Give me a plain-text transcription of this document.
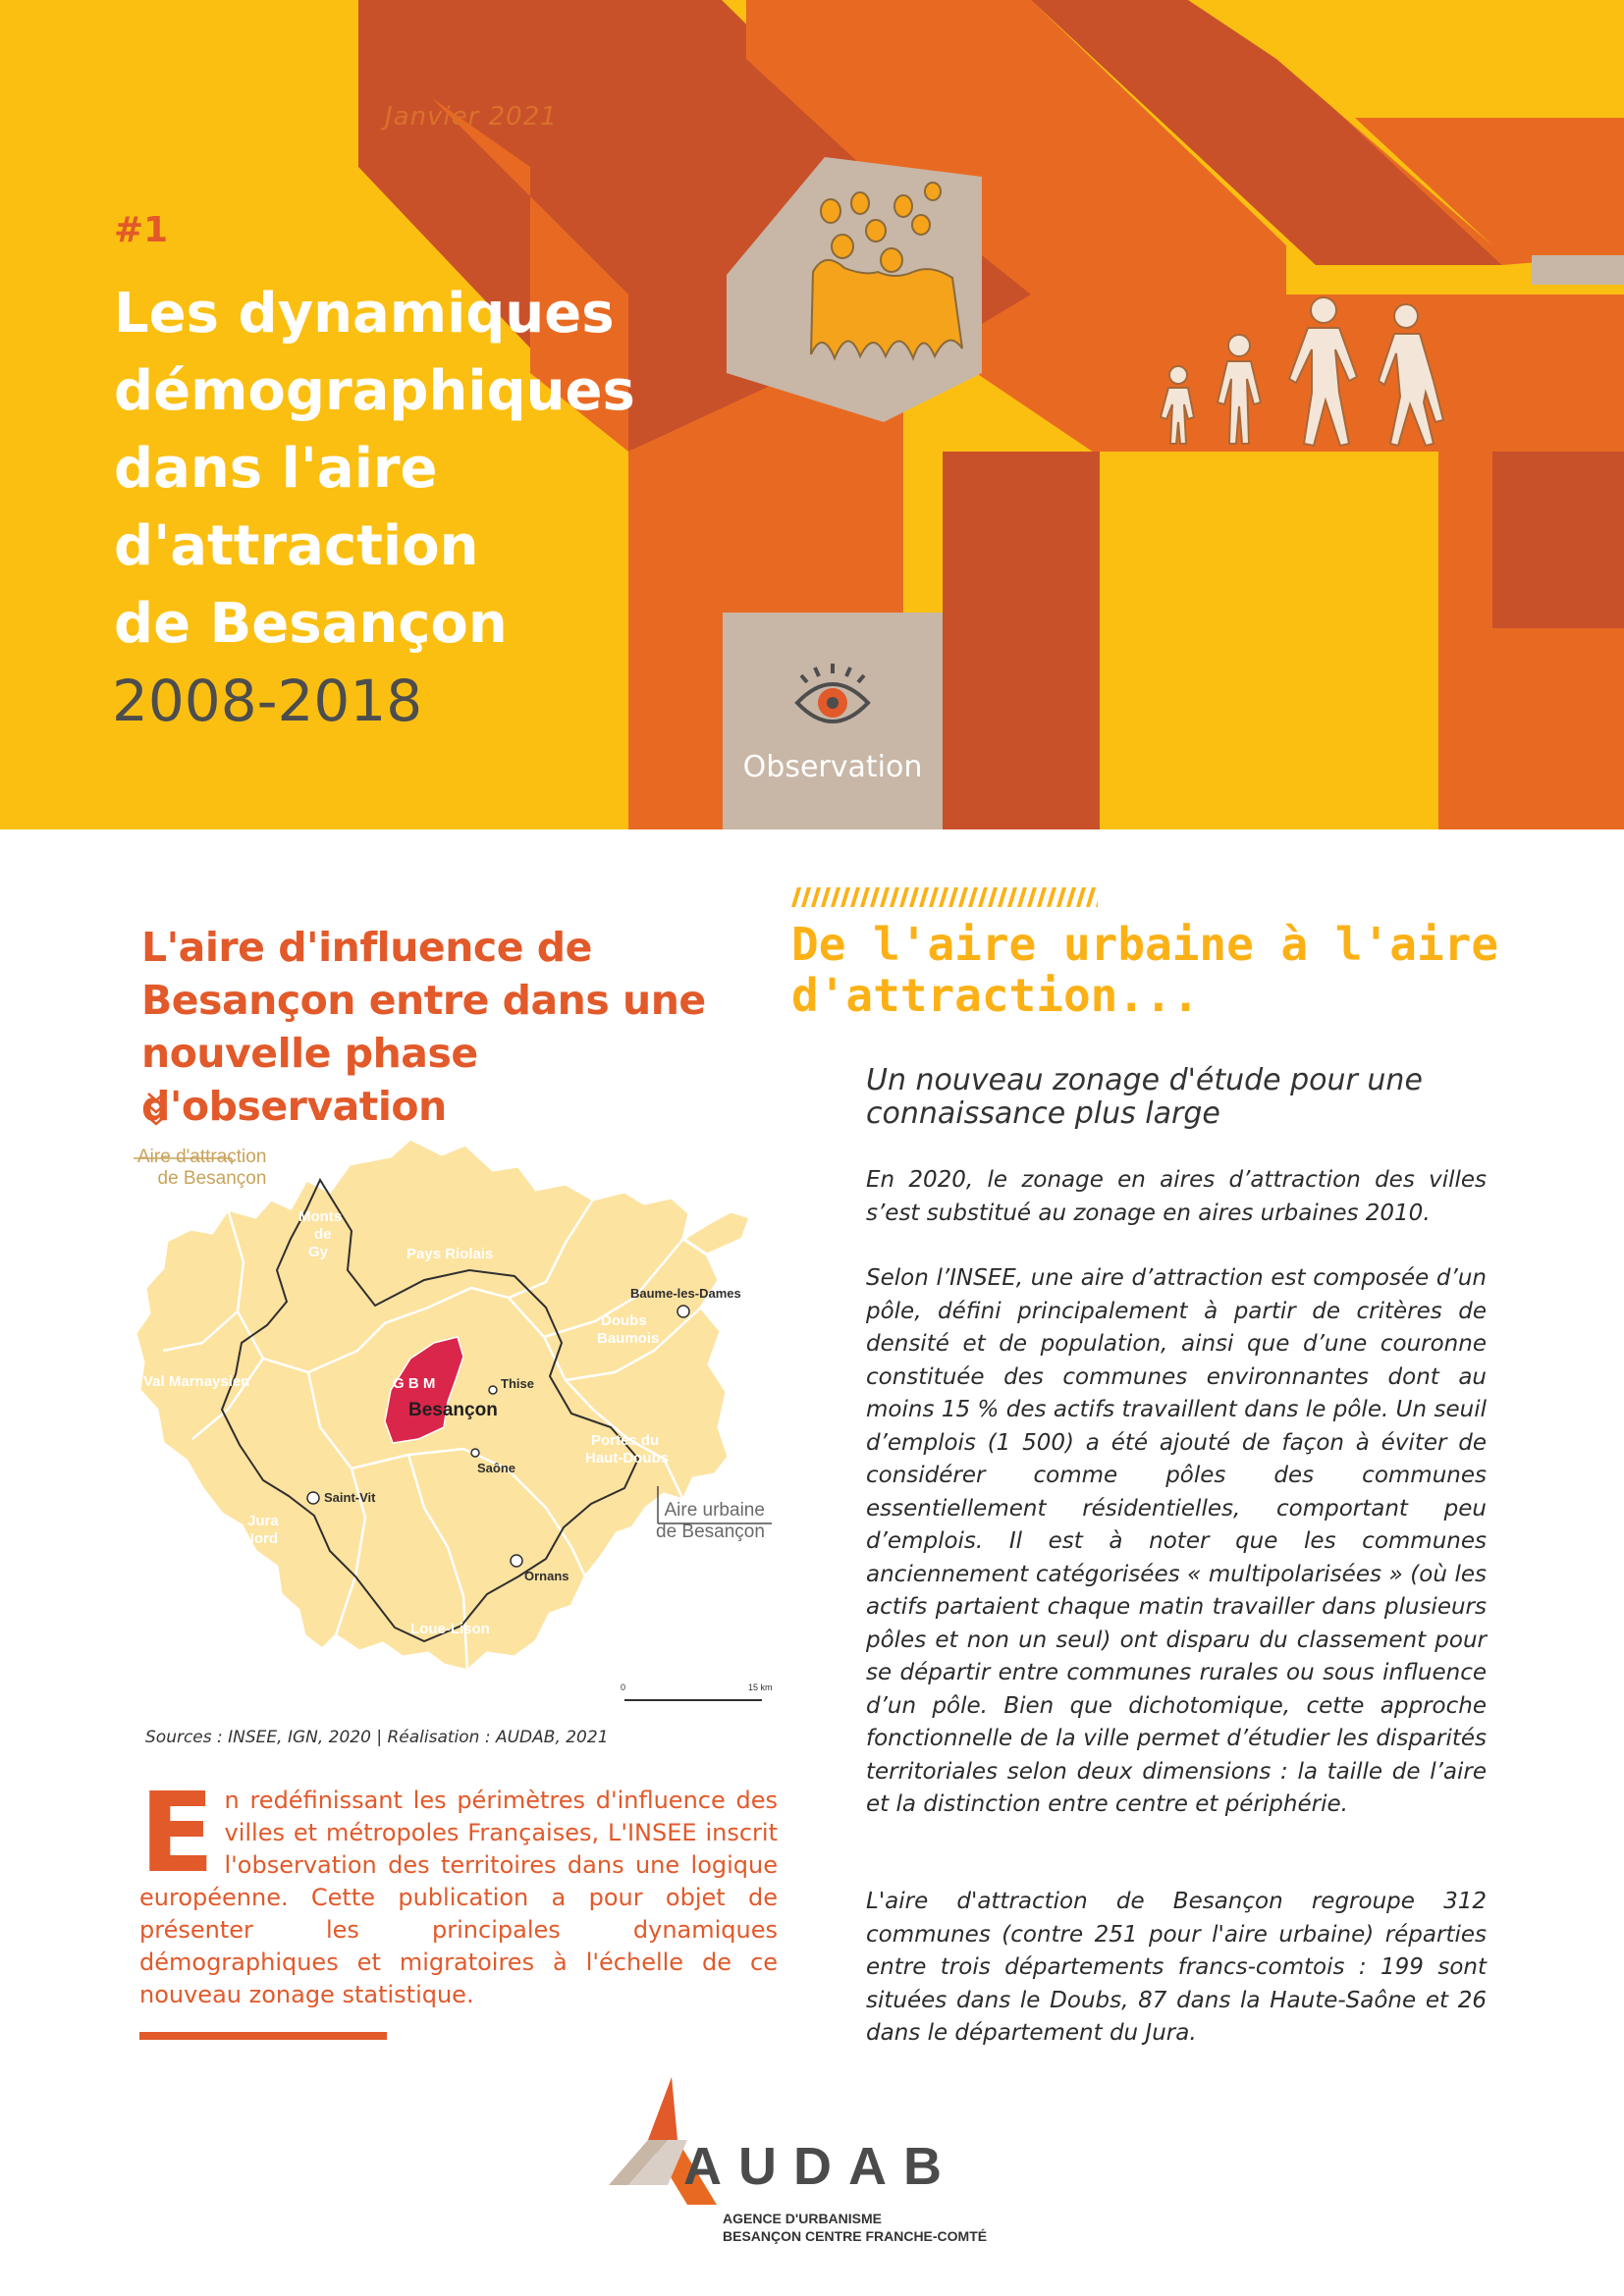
Janvier 2021
#1
Les dynamiques
démographiques
dans l'aire
d'attraction
de Besançon
2008-2018
Observation
L'aire d'influence de Besançon entre dans une nouvelle phase d'observation
Aire d'attraction
de Besançon
Monts
de
Gy	Pays Riolais
Doubs
Baumois
Val Marnaysien	G B M
Portes du
Haut-Doubs
Jura
Nord
Loue-Lison
Baume-les-Dames
Thise
Saône
Saint-Vit
Ornans
Besançon
0	15 km
Aire urbaine
de Besançon
Sources : INSEE, IGN, 2020 | Réalisation : AUDAB, 2021
En redéfinissant les périmètres d'influence des villes et métropoles Françaises, L'INSEE inscrit l'observation des territoires dans une logique européenne. Cette publication a pour objet de présenter les principales dynamiques démographiques et migratoires à l'échelle de ce nouveau zonage statistique.
De l'aire urbaine à l'aire d'attraction...
Un nouveau zonage d'étude pour une connaissance plus large

En 2020, le zonage en aires d’attraction des villes s’est substitué au zonage en aires urbaines 2010.

Selon l’INSEE, une aire d’attraction est composée d’un pôle, défini principalement à partir de critères de densité et de population, ainsi que d’une couronne constituée des communes environnantes dont au moins 15 % des actifs travaillent dans le pôle. Un seuil d’emplois (1 500) a été ajouté de façon à éviter de considérer comme pôles des communes essentiellement résidentielles, comportant peu d’emplois. Il est à noter que les communes anciennement catégorisées « multipolarisées » (où les actifs partaient chaque matin travailler dans plusieurs pôles et non un seul) ont disparu du classement pour se départir entre communes rurales ou sous influence d’un pôle. Bien que dichotomique, cette approche fonctionnelle de la ville permet d’étudier les disparités territoriales selon deux dimensions : la taille de l’aire et la distinction entre centre et périphérie.

L'aire d'attraction de Besançon regroupe 312 communes (contre 251 pour l'aire urbaine) réparties entre trois départements francs-comtois : 199 sont situées dans le Doubs, 87 dans la Haute-Saône et 26 dans le département du Jura.

AUDAB
AGENCE D'URBANISME
BESANÇON CENTRE FRANCHE-COMTÉ
